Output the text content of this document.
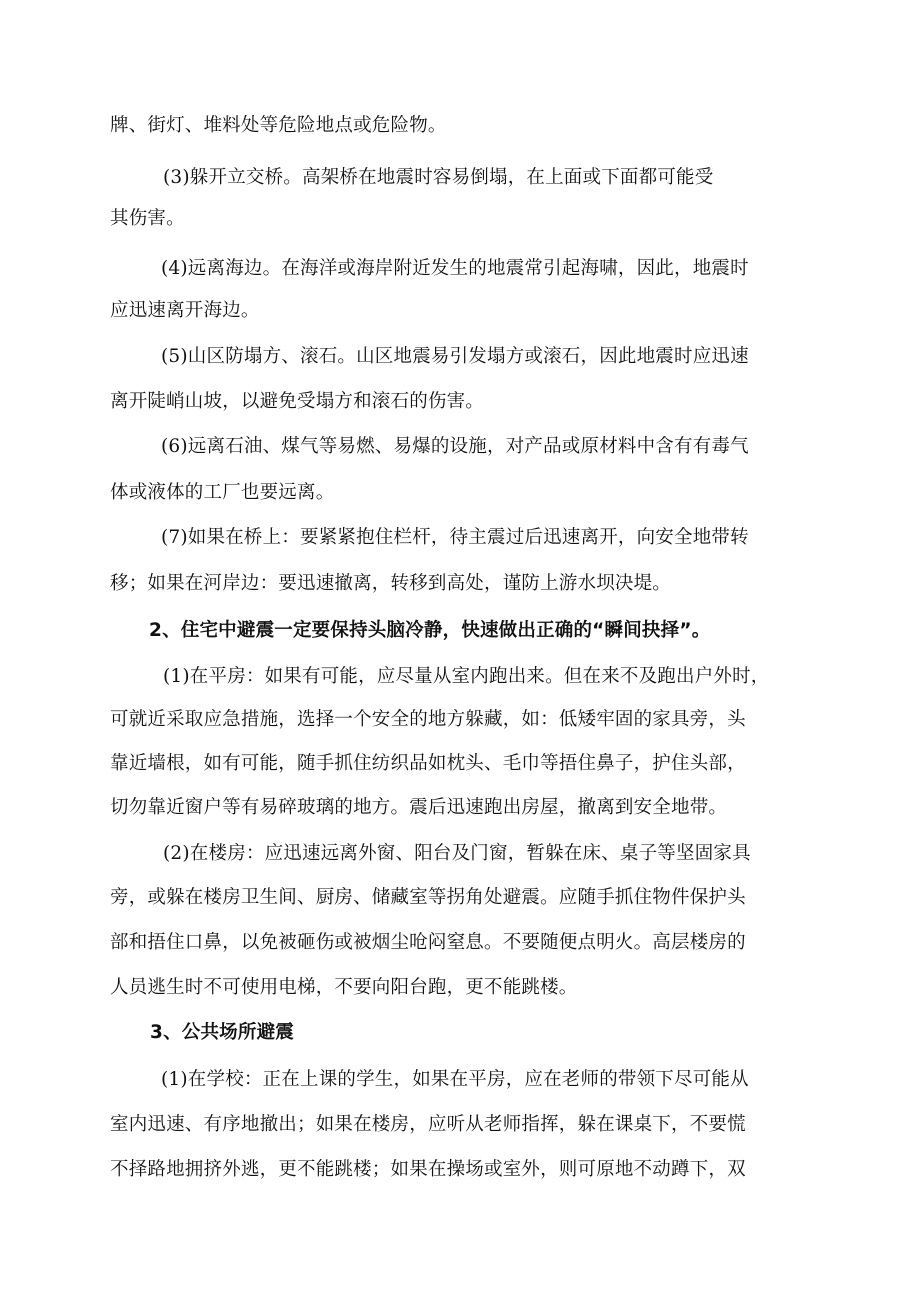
牌、街灯、堆料处等危险地点或危险物。
(3)躲开立交桥。高架桥在地震时容易倒塌，在上面或下面都可能受
其伤害。
(4)远离海边。在海洋或海岸附近发生的地震常引起海啸，因此，地震时
应迅速离开海边。
(5)山区防塌方、滚石。山区地震易引发塌方或滚石，因此地震时应迅速
离开陡峭山坡，以避免受塌方和滚石的伤害。
(6)远离石油、煤气等易燃、易爆的设施，对产品或原材料中含有有毒气
体或液体的工厂也要远离。
(7)如果在桥上：要紧紧抱住栏杆，待主震过后迅速离开，向安全地带转
移；如果在河岸边：要迅速撤离，转移到高处，谨防上游水坝决堤。
2、住宅中避震一定要保持头脑冷静，快速做出正确的“瞬间抉择”。
(1)在平房：如果有可能，应尽量从室内跑出来。但在来不及跑出户外时，
可就近采取应急措施，选择一个安全的地方躲藏，如：低矮牢固的家具旁，头
靠近墙根，如有可能，随手抓住纺织品如枕头、毛巾等捂住鼻子，护住头部，
切勿靠近窗户等有易碎玻璃的地方。震后迅速跑出房屋，撤离到安全地带。
(2)在楼房：应迅速远离外窗、阳台及门窗，暂躲在床、桌子等坚固家具
旁，或躲在楼房卫生间、厨房、储藏室等拐角处避震。应随手抓住物件保护头
部和捂住口鼻，以免被砸伤或被烟尘呛闷窒息。不要随便点明火。高层楼房的
人员逃生时不可使用电梯，不要向阳台跑，更不能跳楼。
3、公共场所避震
(1)在学校：正在上课的学生，如果在平房，应在老师的带领下尽可能从
室内迅速、有序地撤出；如果在楼房，应听从老师指挥，躲在课桌下，不要慌
不择路地拥挤外逃，更不能跳楼；如果在操场或室外，则可原地不动蹲下，双
